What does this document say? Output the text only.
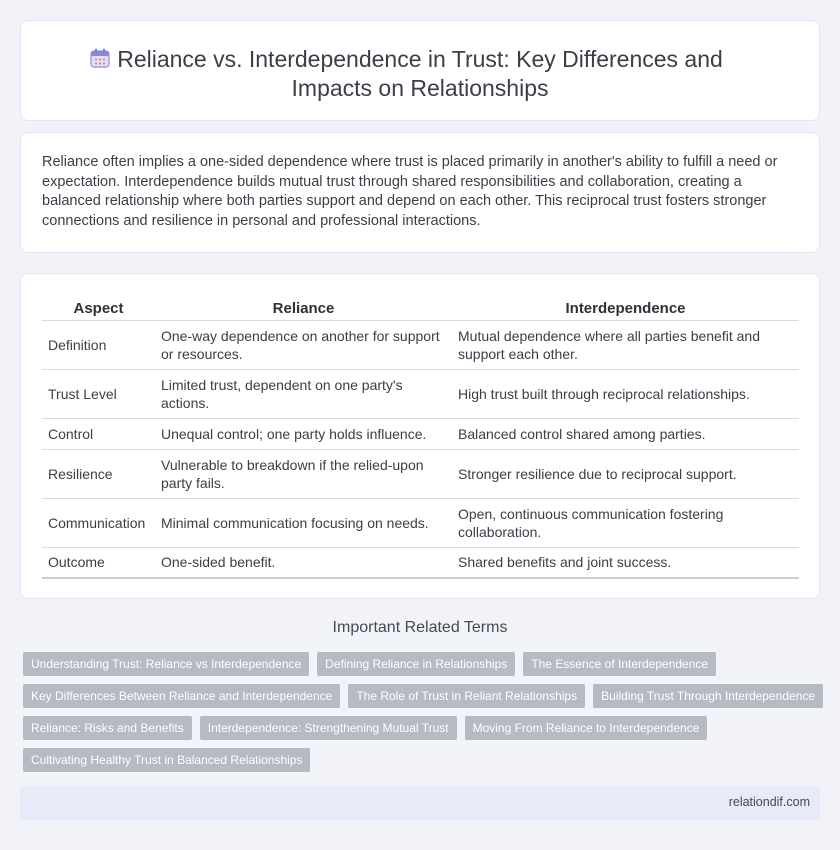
Reliance vs. Interdependence in Trust: Key Differences and
Impacts on Relationships

Reliance often implies a one-sided dependence where trust is placed primarily in another's ability to fulfill a need or expectation. Interdependence builds mutual trust through shared responsibilities and collaboration, creating a balanced relationship where both parties support and depend on each other. This reciprocal trust fosters stronger connections and resilience in personal and professional interactions.

Aspect	Reliance	Interdependence
Definition	One-way dependence on another for support or resources.	Mutual dependence where all parties benefit and support each other.
Trust Level	Limited trust, dependent on one party's actions.	High trust built through reciprocal relationships.
Control	Unequal control; one party holds influence.	Balanced control shared among parties.
Resilience	Vulnerable to breakdown if the relied-upon party fails.	Stronger resilience due to reciprocal support.
Communication	Minimal communication focusing on needs.	Open, continuous communication fostering collaboration.
Outcome	One-sided benefit.	Shared benefits and joint success.
Important Related Terms
Understanding Trust: Reliance vs Interdependence	Defining Reliance in Relationships	The Essence of Interdependence
Key Differences Between Reliance and Interdependence	The Role of Trust in Reliant Relationships	Building Trust Through Interdependence
Reliance: Risks and Benefits	Interdependence: Strengthening Mutual Trust	Moving From Reliance to Interdependence
Cultivating Healthy Trust in Balanced Relationships
relationdif.com
